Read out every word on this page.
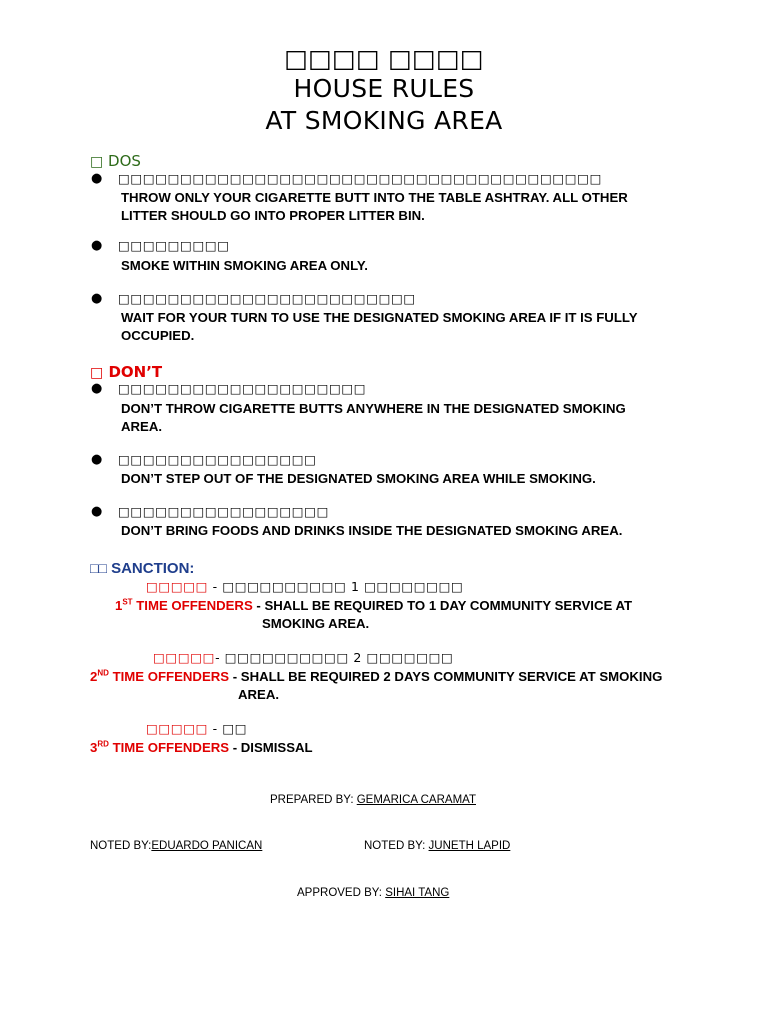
□□□□ □□□□
HOUSE RULES
AT SMOKING AREA
□ DOS
● □□□□□□□□□□□□□□□□□□□□□□□□□□□□□□□□□□□□□□□
THROW ONLY YOUR CIGARETTE BUTT INTO THE TABLE ASHTRAY. ALL OTHER
LITTER SHOULD GO INTO PROPER LITTER BIN.
● □□□□□□□□□
SMOKE WITHIN SMOKING AREA ONLY.
● □□□□□□□□□□□□□□□□□□□□□□□□
WAIT FOR YOUR TURN TO USE THE DESIGNATED SMOKING AREA IF IT IS FULLY
OCCUPIED.
□ DON’T
● □□□□□□□□□□□□□□□□□□□□
DON’T THROW CIGARETTE BUTTS ANYWHERE IN THE DESIGNATED SMOKING
AREA.
● □□□□□□□□□□□□□□□□
DON’T STEP OUT OF THE DESIGNATED SMOKING AREA WHILE SMOKING.
● □□□□□□□□□□□□□□□□□
DON’T BRING FOODS AND DRINKS INSIDE THE DESIGNATED SMOKING AREA.
□□ SANCTION:
□□□□□ - □□□□□□□□□□ 1 □□□□□□□□
1ST TIME OFFENDERS - SHALL BE REQUIRED TO 1 DAY COMMUNITY SERVICE AT
SMOKING AREA.
□□□□□- □□□□□□□□□□ 2 □□□□□□□
2ND TIME OFFENDERS - SHALL BE REQUIRED 2 DAYS COMMUNITY SERVICE AT SMOKING
AREA.
□□□□□ - □□
3RD TIME OFFENDERS - DISMISSAL
PREPARED BY: GEMARICA CARAMAT
NOTED BY:EDUARDO PANICAN	NOTED BY: JUNETH LAPID
APPROVED BY: SIHAI TANG
